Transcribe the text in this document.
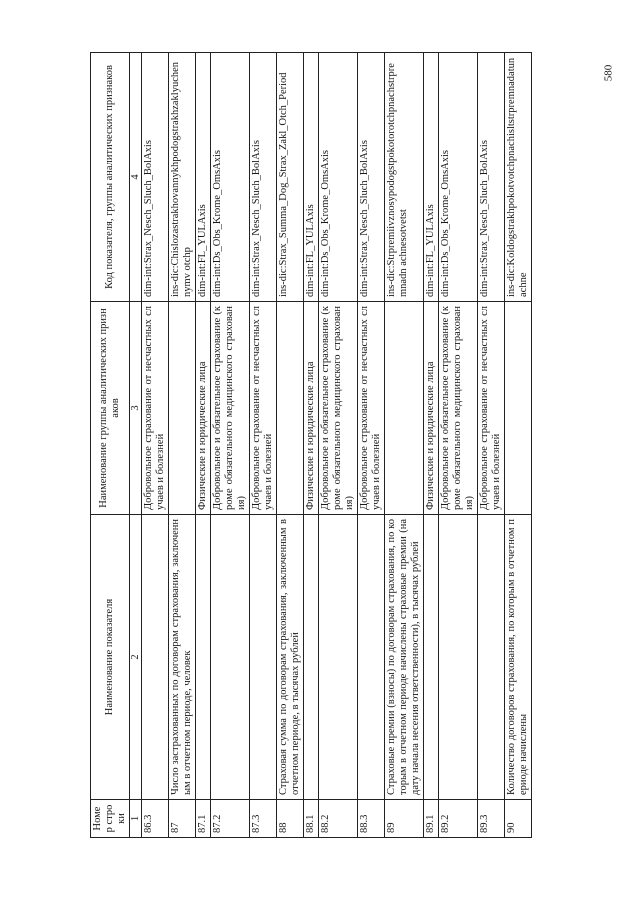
Номер строки	Наименование показателя	Наименование группы аналитических признаков	Код показателя, группы аналитических признаков
1	2	3	4
86.3		Добровольное страхование от несчастных случаев и болезней	dim-int:Strax_Nesch_Sluch_BolAxis
87	Число застрахованных по договорам страхования, заключенным в отчетном периоде, человек		ins-dic:Chislozastrakhovannykhpodogstrakhzaklyuchennymv otchp
87.1		Физические и юридические лица	dim-int:FL_YULAxis
87.2		Добровольное и обязательное страхование (кроме обязательного медицинского страхования)	dim-int:Ds_Obs_Krome_OmsAxis
87.3		Добровольное страхование от несчастных случаев и болезней	dim-int:Strax_Nesch_Sluch_BolAxis
88	Страховая сумма по договорам страхования, заключенным в отчетном периоде, в тысячах рублей		ins-dic:Strax_Summa_Dog_Strax_Zakl_Otch_Period
88.1		Физические и юридические лица	dim-int:FL_YULAxis
88.2		Добровольное и обязательное страхование (кроме обязательного медицинского страхования)	dim-int:Ds_Obs_Krome_OmsAxis
88.3		Добровольное страхование от несчастных случаев и болезней	dim-int:Strax_Nesch_Sluch_BolAxis
89	Страховые премии (взносы) по договорам страхования, по которым в отчетном периоде начислены страховые премии (на дату начала несения ответственности), в тысячах рублей		ins-dic:Strpremiivznosypodogstpokotorotchpnachstrpremnadn achnesotvetst
89.1		Физические и юридические лица	dim-int:FL_YULAxis
89.2		Добровольное и обязательное страхование (кроме обязательного медицинского страхования)	dim-int:Ds_Obs_Krome_OmsAxis
89.3		Добровольное страхование от несчастных случаев и болезней	dim-int:Strax_Nesch_Sluch_BolAxis
90	Количество договоров страхования, по которым в отчетном периоде начислены		ins-dic:Koldogstrakhpokotvotchpnachisltstrpremnadatunachne
580
